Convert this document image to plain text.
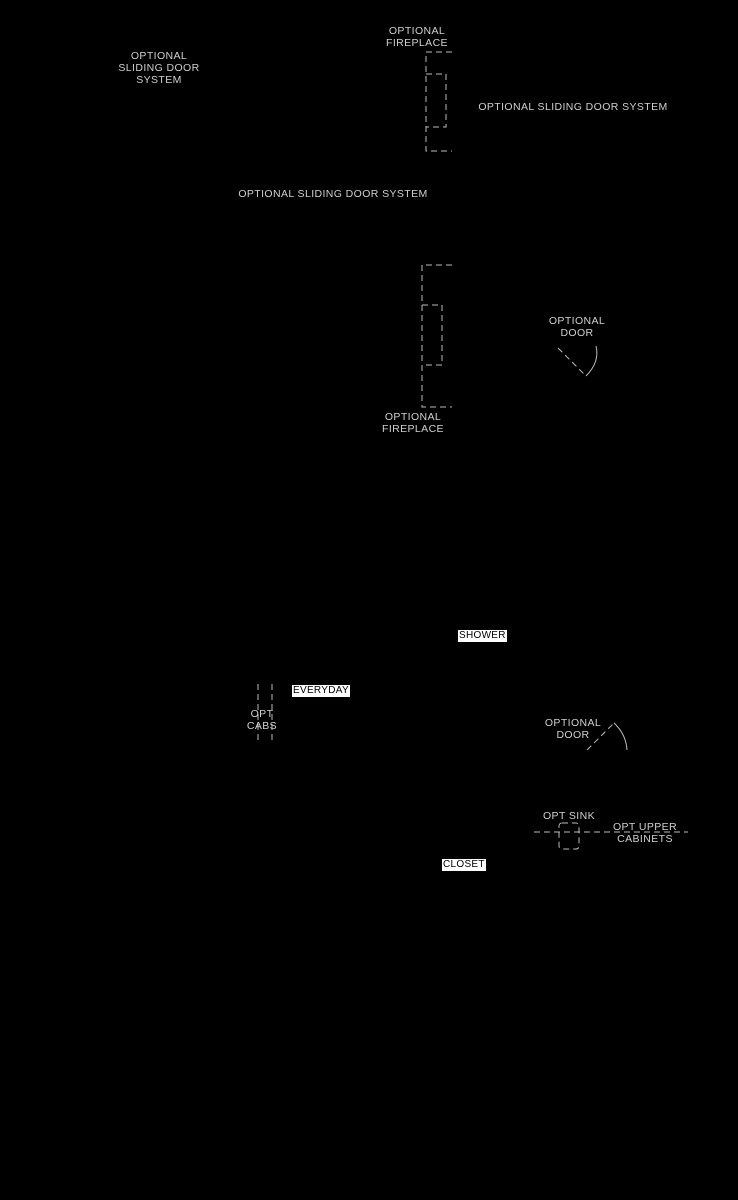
OPTIONAL
FIREPLACE
OPTIONAL
SLIDING DOOR
SYSTEM
OPTIONAL SLIDING DOOR SYSTEM
OPTIONAL SLIDING DOOR SYSTEM
OPTIONAL
DOOR
OPTIONAL
FIREPLACE
SHOWER
EVERYDAY
OPT
CABS	OPTIONAL
DOOR
OPT SINK
OPT UPPER
CABINETS
CLOSET
